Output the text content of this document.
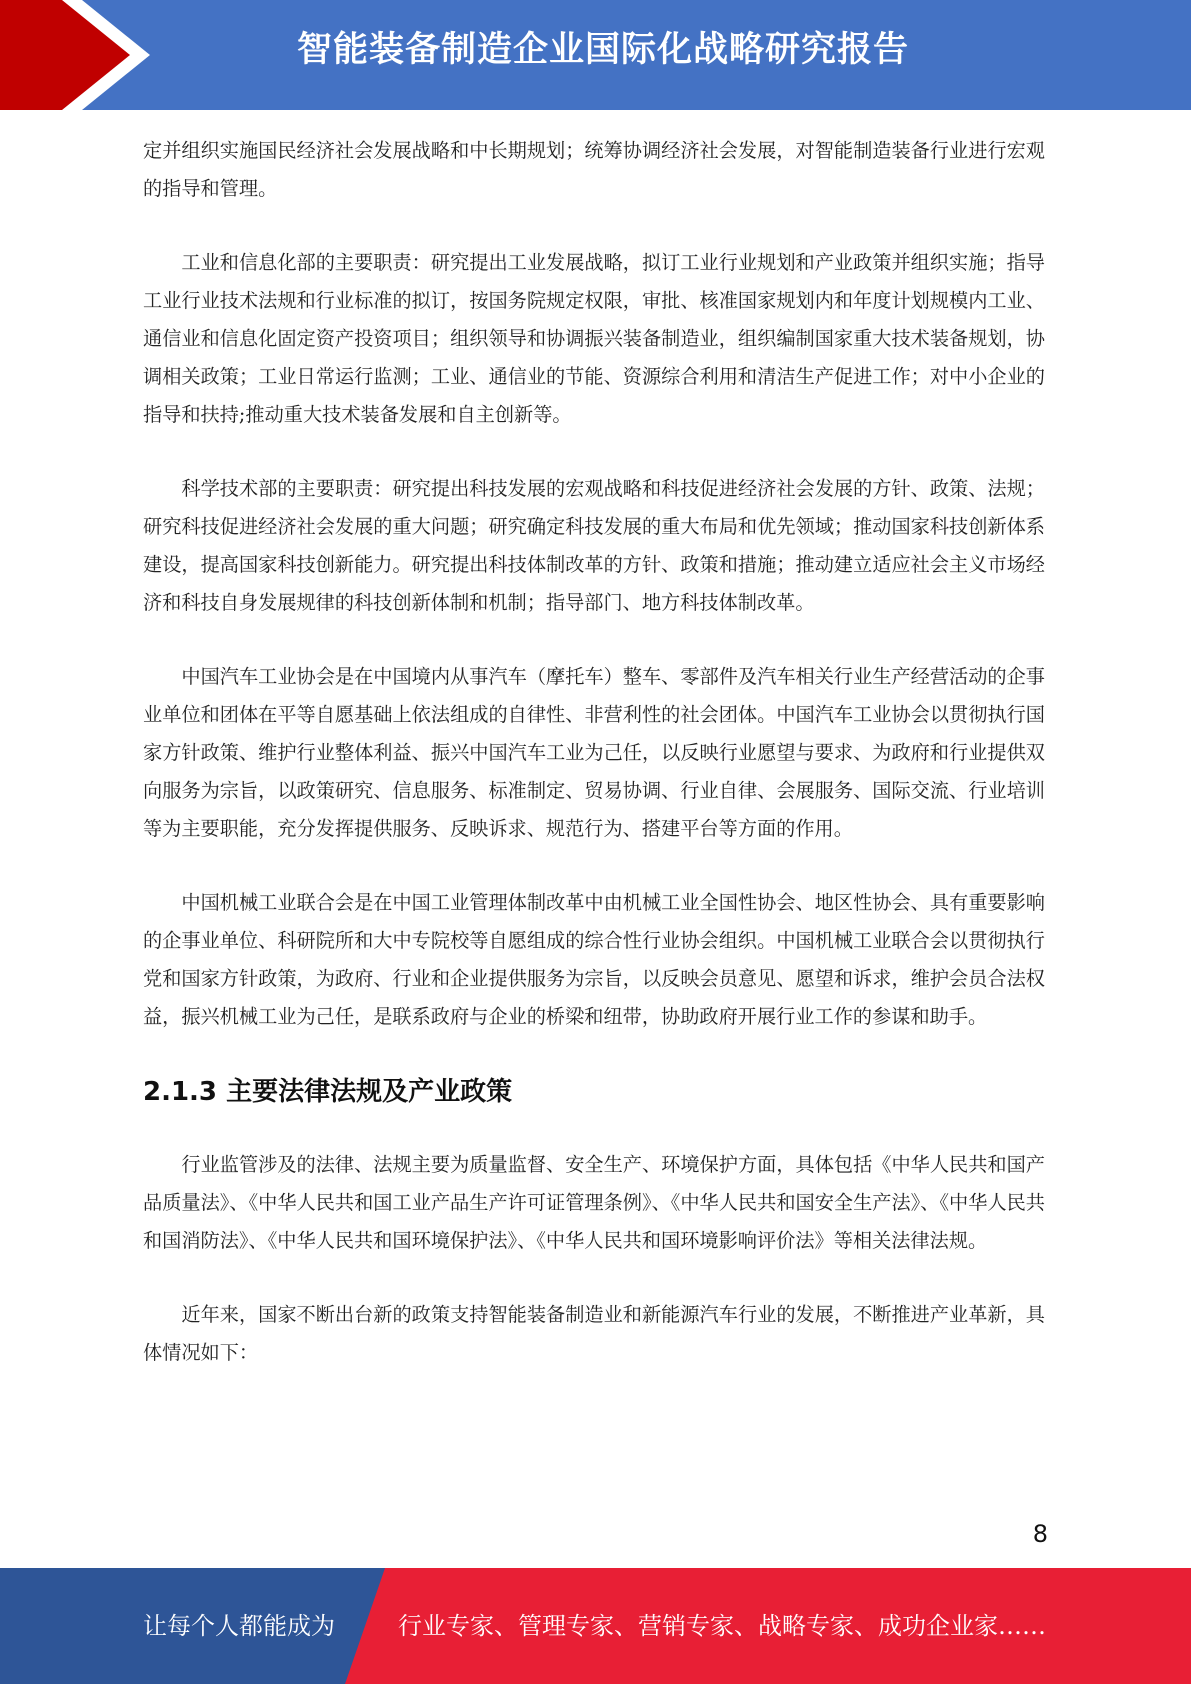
智能装备制造企业国际化战略研究报告

定并组织实施国民经济社会发展战略和中长期规划；统筹协调经济社会发展，对智能制造装备行业进行宏观的指导和管理。

工业和信息化部的主要职责：研究提出工业发展战略，拟订工业行业规划和产业政策并组织实施；指导工业行业技术法规和行业标准的拟订，按国务院规定权限，审批、核准国家规划内和年度计划规模内工业、通信业和信息化固定资产投资项目；组织领导和协调振兴装备制造业，组织编制国家重大技术装备规划，协调相关政策；工业日常运行监测；工业、通信业的节能、资源综合利用和清洁生产促进工作；对中小企业的指导和扶持;推动重大技术装备发展和自主创新等。

科学技术部的主要职责：研究提出科技发展的宏观战略和科技促进经济社会发展的方针、政策、法规；研究科技促进经济社会发展的重大问题；研究确定科技发展的重大布局和优先领域；推动国家科技创新体系建设，提高国家科技创新能力。研究提出科技体制改革的方针、政策和措施；推动建立适应社会主义市场经济和科技自身发展规律的科技创新体制和机制；指导部门、地方科技体制改革。

中国汽车工业协会是在中国境内从事汽车（摩托车）整车、零部件及汽车相关行业生产经营活动的企事业单位和团体在平等自愿基础上依法组成的自律性、非营利性的社会团体。中国汽车工业协会以贯彻执行国家方针政策、维护行业整体利益、振兴中国汽车工业为己任，以反映行业愿望与要求、为政府和行业提供双向服务为宗旨，以政策研究、信息服务、标准制定、贸易协调、行业自律、会展服务、国际交流、行业培训等为主要职能，充分发挥提供服务、反映诉求、规范行为、搭建平台等方面的作用。

中国机械工业联合会是在中国工业管理体制改革中由机械工业全国性协会、地区性协会、具有重要影响的企事业单位、科研院所和大中专院校等自愿组成的综合性行业协会组织。中国机械工业联合会以贯彻执行党和国家方针政策，为政府、行业和企业提供服务为宗旨，以反映会员意见、愿望和诉求，维护会员合法权益，振兴机械工业为己任，是联系政府与企业的桥梁和纽带，协助政府开展行业工作的参谋和助手。

2.1.3 主要法律法规及产业政策

行业监管涉及的法律、法规主要为质量监督、安全生产、环境保护方面，具体包括《中华人民共和国产品质量法》、《中华人民共和国工业产品生产许可证管理条例》、《中华人民共和国安全生产法》、《中华人民共和国消防法》、《中华人民共和国环境保护法》、《中华人民共和国环境影响评价法》等相关法律法规。

近年来，国家不断出台新的政策支持智能装备制造业和新能源汽车行业的发展，不断推进产业革新，具体情况如下：

8
让每个人都能成为	行业专家、管理专家、营销专家、战略专家、成功企业家……
